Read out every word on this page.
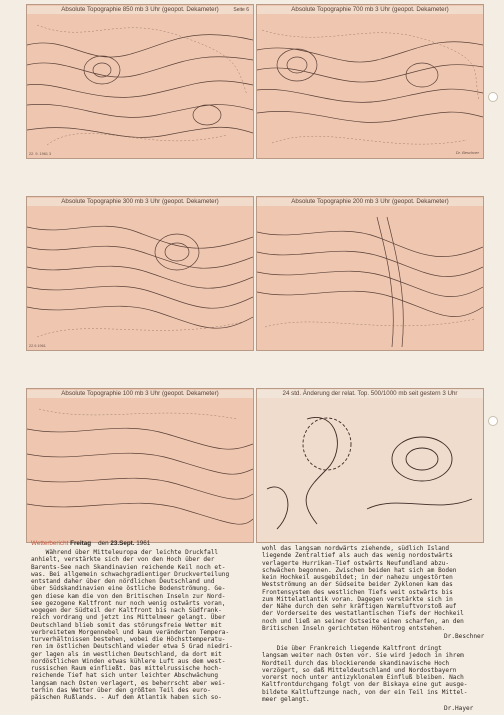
Absolute Topographie 850 mb 3 Uhr (geopot. Dekameter)	Seite 6
22. 9. 1961 3
Absolute Topographie 700 mb 3 Uhr (geopot. Dekameter)
Dr. Beschner
Absolute Topographie 300 mb 3 Uhr (geopot. Dekameter)
22.9.1961
Absolute Topographie 200 mb 3 Uhr (geopot. Dekameter)
Absolute Topographie 100 mb 3 Uhr (geopot. Dekameter)	24 std. Änderung der relat. Top. 500/1000 mb seit gestern 3 Uhr
Wetterbericht Freitag den 23.Sept. 1961
Während über Mitteleuropa der leichte Druckfall
anhielt, verstärkte sich der von den Hoch über der
Barents-See nach Skandinavien reichende Keil noch et-
was. Bei allgemein schwachgradientiger Druckverteilung
entstand daher über den nördlichen Deutschland und
über Südskandinavien eine östliche Bodenströmung. Ge-
gen diese kam die von den Britischen Inseln zur Nord-
see gezogene Kaltfront nur noch wenig ostwärts voran,
wogegen der Südteil der Kaltfront bis nach Südfrank-
reich vordrang und jetzt ins Mittelmeer gelangt. Über
Deutschland blieb somit das störungsfreie Wetter mit
verbreitetem Morgennebel und kaum veränderten Tempera-
turverhältnissen bestehen, wobei die Höchsttemperatu-
ren im östlichen Deutschland wieder etwa 5 Grad niedri-
ger lagen als im westlichen Deutschland, da dort mit
nordöstlichen Winden etwas kühlere Luft aus dem west-
russischen Raum einfließt. Das mittelrussische hoch-
reichende Tief hat sich unter leichter Abschwächung
langsam nach Osten verlagert, es beherrscht aber wei-
terhin das Wetter über den größten Teil des euro-
päischen Rußlands. - Auf dem Atlantik haben sich so-
wohl das langsam nordwärts ziehende, südlich Island
liegende Zentraltief als auch das wenig nordostwärts
verlagerte Hurrikan-Tief ostwärts Neufundland abzu-
schwächen begonnen. Zwischen beiden hat sich am Boden
kein Hochkeil ausgebildet; in der nahezu ungestörten
Westströmung an der Südseite beider Zyklonen kam das
Frontensystem des westlichen Tiefs weit ostwärts bis
zum Mittelatlantik voran. Dagegen verstärkte sich in
der Nähe durch den sehr kräftigen Warmluftvorstoß auf
der Vorderseite des westatlantischen Tiefs der Hochkeil
noch und ließ an seiner Ostseite einen scharfen, an den
Britischen Inseln gerichteten Höhentrog entstehen.
Dr.Beschner
Die über Frankreich liegende Kaltfront dringt
langsam weiter nach Osten vor. Sie wird jedoch in ihrem
Nordteil durch das blockierende skandinavische Hoch
verzögert, so daß Mitteldeutschland und Nordostbayern
vorerst noch unter antizyklonalem Einfluß bleiben. Nach
Kaltfrontdurchgang folgt von der Biskaya eine gut ausge-
bildete Kaltluftzunge nach, von der ein Teil ins Mittel-
meer gelangt.
Dr.Hayer
